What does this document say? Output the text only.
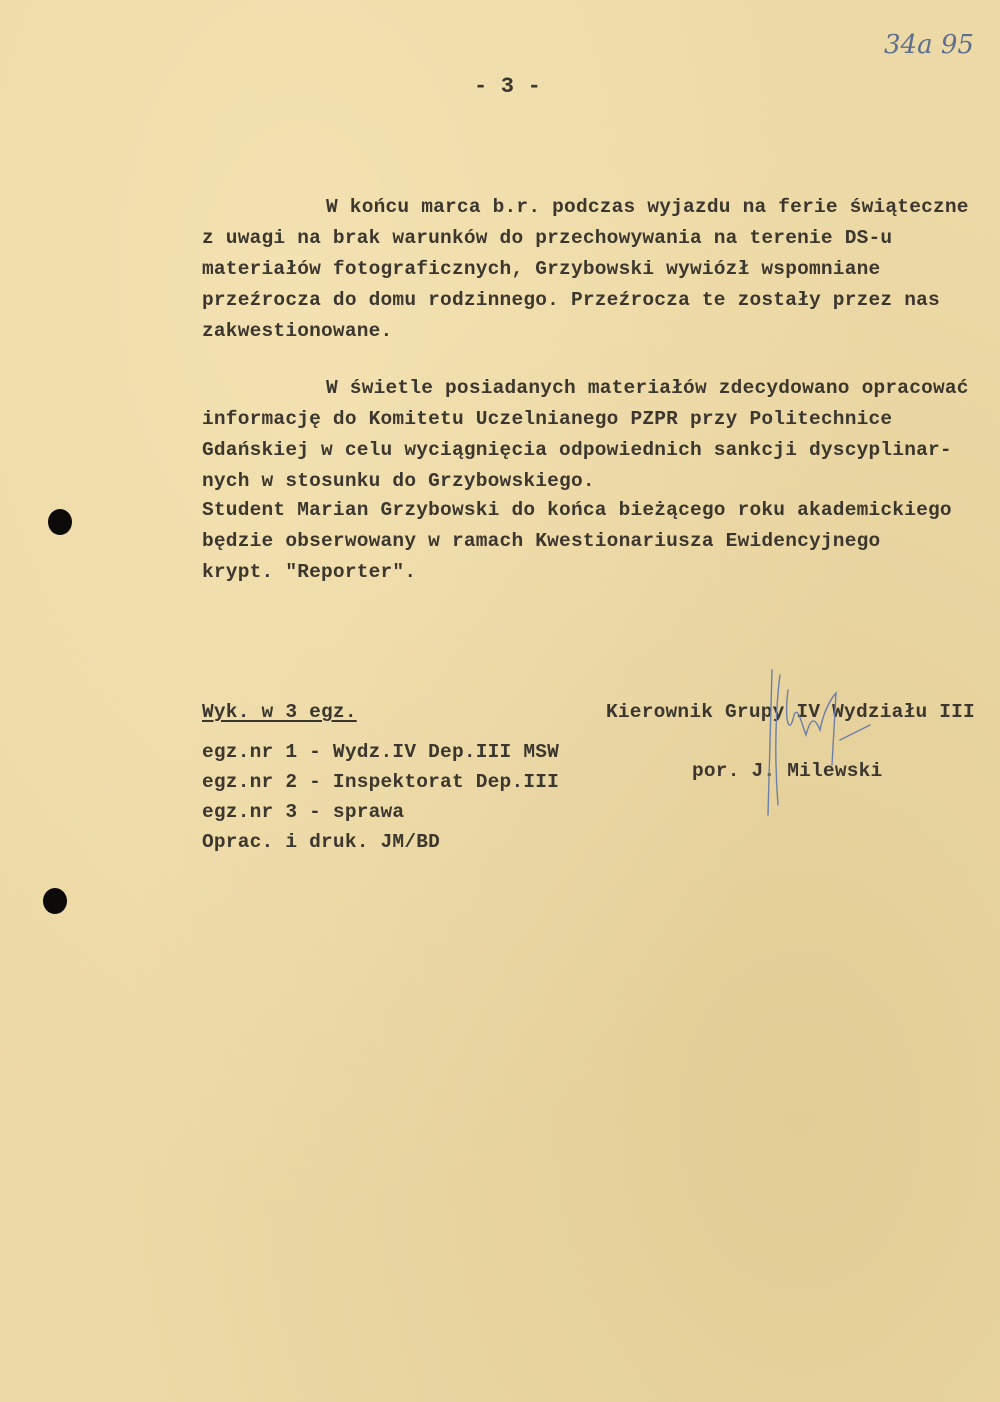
- 3 -
34a 95
W końcu marca b.r. podczas wyjazdu na ferie świąteczne
z uwagi na brak warunków do przechowywania na terenie DS-u
materiałów fotograficznych, Grzybowski wywiózł wspomniane
przeźrocza do domu rodzinnego. Przeźrocza te zostały przez nas
zakwestionowane.
W świetle posiadanych materiałów zdecydowano opracować
informację do Komitetu Uczelnianego PZPR przy Politechnice
Gdańskiej w celu wyciągnięcia odpowiednich sankcji dyscyplinar-
nych w stosunku do Grzybowskiego.
Student Marian Grzybowski do końca bieżącego roku akademickiego
będzie obserwowany w ramach Kwestionariusza Ewidencyjnego
krypt. "Reporter".
Wyk. w 3 egz.
egz.nr 1 - Wydz.IV Dep.III MSW
egz.nr 2 - Inspektorat Dep.III
egz.nr 3 - sprawa
Oprac. i druk. JM/BD
Kierownik Grupy IV Wydziału III
por. J. Milewski
